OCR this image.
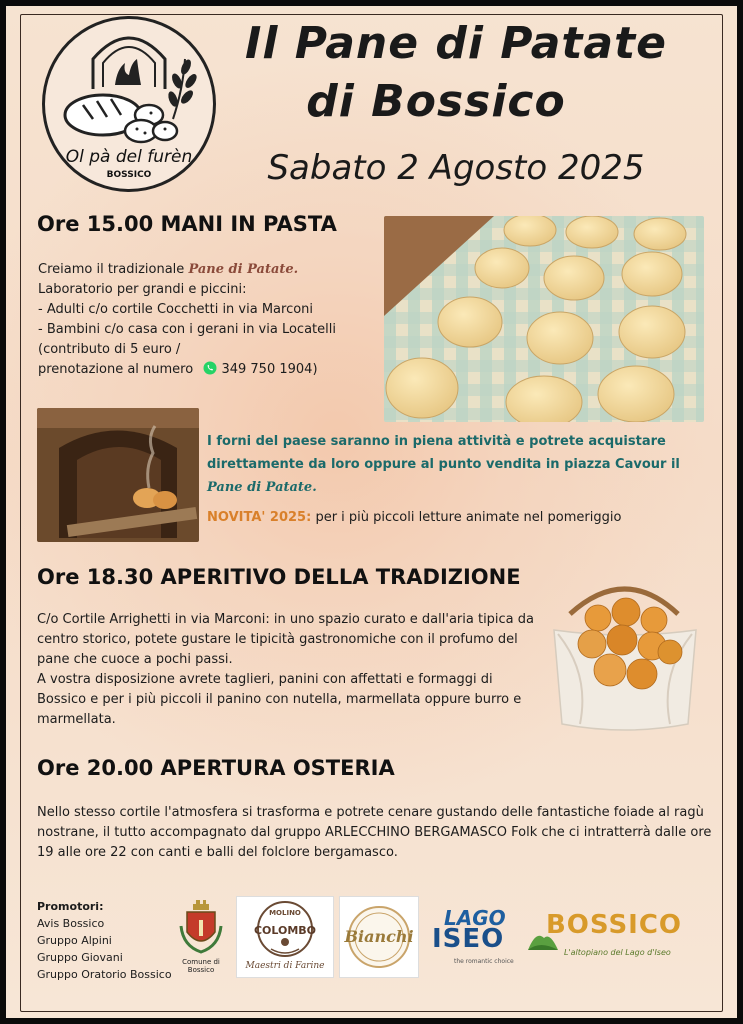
Ol pà del furèn
BOSSICO
Il Pane di Patate
di Bossico
Sabato 2 Agosto 2025
Ore 15.00 MANI IN PASTA
Creiamo il tradizionale Pane di Patate.
Laboratorio per grandi e piccini:
- Adulti c/o cortile Cocchetti in via Marconi
- Bambini c/o casa con i gerani in via Locatelli
(contributo di 5 euro /
prenotazione al numero 349 750 1904)
I forni del paese saranno in piena attività e potrete acquistare direttamente da loro oppure al punto vendita in piazza Cavour il
Pane di Patate.
NOVITA' 2025: per i più piccoli letture animate nel pomeriggio
Ore 18.30 APERITIVO DELLA TRADIZIONE
C/o Cortile Arrighetti in via Marconi: in uno spazio curato e dall'aria tipica da centro storico, potete gustare le tipicità gastronomiche con il profumo del pane che cuoce a pochi passi.
A vostra disposizione avrete taglieri, panini con affettati e formaggi di Bossico e per i più piccoli il panino con nutella, marmellata oppure burro e marmellata.
Ore 20.00 APERTURA OSTERIA
Nello stesso cortile l'atmosfera si trasforma e potrete cenare gustando delle fantastiche foiade al ragù nostrane, il tutto accompagnato dal gruppo ARLECCHINO BERGAMASCO Folk che ci intratterrà dalle ore 19 alle ore 22 con canti e balli del folclore bergamasco.
Promotori:
Avis Bossico
Gruppo Alpini
Gruppo Giovani
Gruppo Oratorio Bossico
Comune di Bossico
MOLINO
COLOMBO
Maestri di Farine
Bianchi
LAGO
ISEO
the romantic choice
BOSSICO
L'altopiano del Lago d'Iseo
